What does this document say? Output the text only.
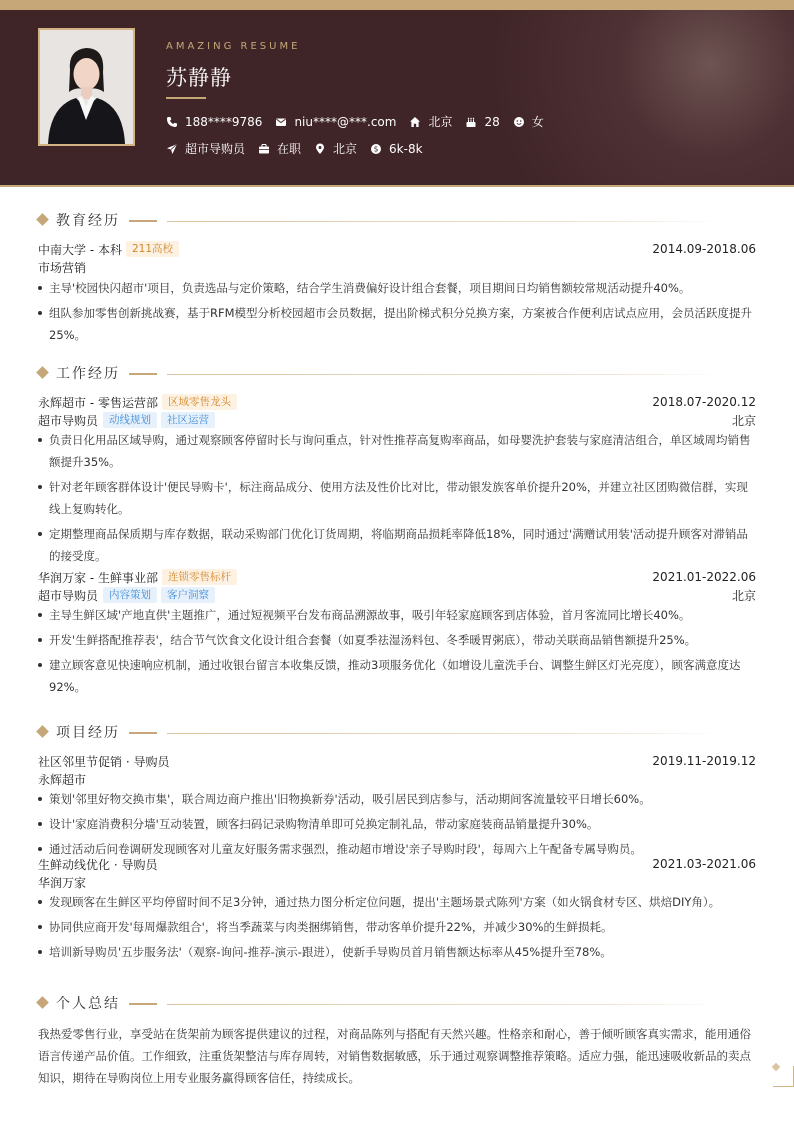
AMAZING RESUME
苏静静
188****9786	niu****@***.com	北京	28	女
超市导购员	在职	北京 $ 6k-8k
教育经历
中南大学 - 本科 211高校	2014.09-2018.06
市场营销
主导'校园快闪超市'项目，负责选品与定价策略，结合学生消费偏好设计组合套餐，项目期间日均销售额较常规活动提升40%。
组队参加零售创新挑战赛，基于RFM模型分析校园超市会员数据，提出阶梯式积分兑换方案，方案被合作便利店试点应用，会员活跃度提升25%。
工作经历
永辉超市 - 零售运营部 区域零售龙头	2018.07-2020.12
超市导购员	动线规划	社区运营	北京
负责日化用品区域导购，通过观察顾客停留时长与询问重点，针对性推荐高复购率商品，如母婴洗护套装与家庭清洁组合，单区域周均销售额提升35%。
针对老年顾客群体设计'便民导购卡'，标注商品成分、使用方法及性价比对比，带动银发族客单价提升20%，并建立社区团购微信群，实现线上复购转化。
定期整理商品保质期与库存数据，联动采购部门优化订货周期，将临期商品损耗率降低18%，同时通过'满赠试用装'活动提升顾客对滞销品的接受度。
华润万家 - 生鲜事业部 连锁零售标杆	2021.01-2022.06
超市导购员	内容策划	客户洞察	北京
主导生鲜区域'产地直供'主题推广，通过短视频平台发布商品溯源故事，吸引年轻家庭顾客到店体验，首月客流同比增长40%。
开发'生鲜搭配推荐表'，结合节气饮食文化设计组合套餐（如夏季祛湿汤料包、冬季暖胃粥底），带动关联商品销售额提升25%。
建立顾客意见快速响应机制，通过收银台留言本收集反馈，推动3项服务优化（如增设儿童洗手台、调整生鲜区灯光亮度），顾客满意度达92%。
项目经历
社区邻里节促销 · 导购员	2019.11-2019.12
永辉超市
策划'邻里好物交换市集'，联合周边商户推出'旧物换新券'活动，吸引居民到店参与，活动期间客流量较平日增长60%。
设计'家庭消费积分墙'互动装置，顾客扫码记录购物清单即可兑换定制礼品，带动家庭装商品销量提升30%。
通过活动后问卷调研发现顾客对儿童友好服务需求强烈，推动超市增设'亲子导购时段'，每周六上午配备专属导购员。
生鲜动线优化 · 导购员	2021.03-2021.06
华润万家
发现顾客在生鲜区平均停留时间不足3分钟，通过热力图分析定位问题，提出'主题场景式陈列'方案（如火锅食材专区、烘焙DIY角）。
协同供应商开发'每周爆款组合'，将当季蔬菜与肉类捆绑销售，带动客单价提升22%，并减少30%的生鲜损耗。
培训新导购员'五步服务法'（观察-询问-推荐-演示-跟进），使新手导购员首月销售额达标率从45%提升至78%。
个人总结
我热爱零售行业，享受站在货架前为顾客提供建议的过程，对商品陈列与搭配有天然兴趣。性格亲和耐心，善于倾听顾客真实需求，能用通俗语言传递产品价值。工作细致，注重货架整洁与库存周转，对销售数据敏感，乐于通过观察调整推荐策略。适应力强，能迅速吸收新品的卖点知识，期待在导购岗位上用专业服务赢得顾客信任，持续成长。
